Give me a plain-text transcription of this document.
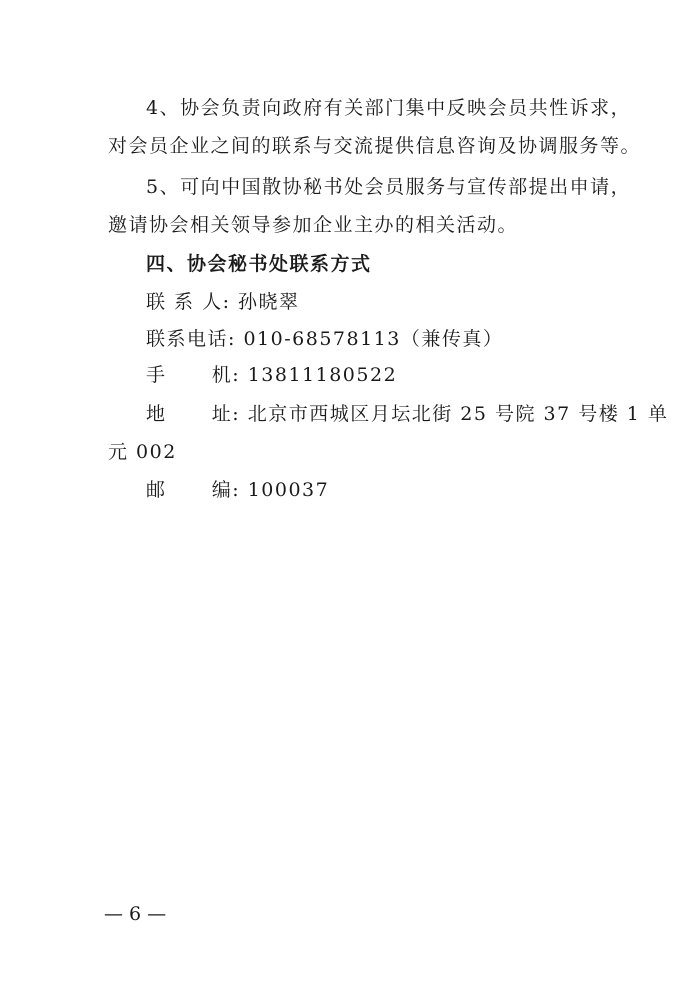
4、协会负责向政府有关部门集中反映会员共性诉求，
对会员企业之间的联系与交流提供信息咨询及协调服务等。
5、可向中国散协秘书处会员服务与宣传部提出申请，
邀请协会相关领导参加企业主办的相关活动。
四、协会秘书处联系方式
联 系 人: 孙晓翠
联系电话: 010-68578113（兼传真）
手      机: 13811180522
地      址: 北京市西城区月坛北街 25 号院 37 号楼 1 单
元 002
邮      编: 100037
— 6 —
